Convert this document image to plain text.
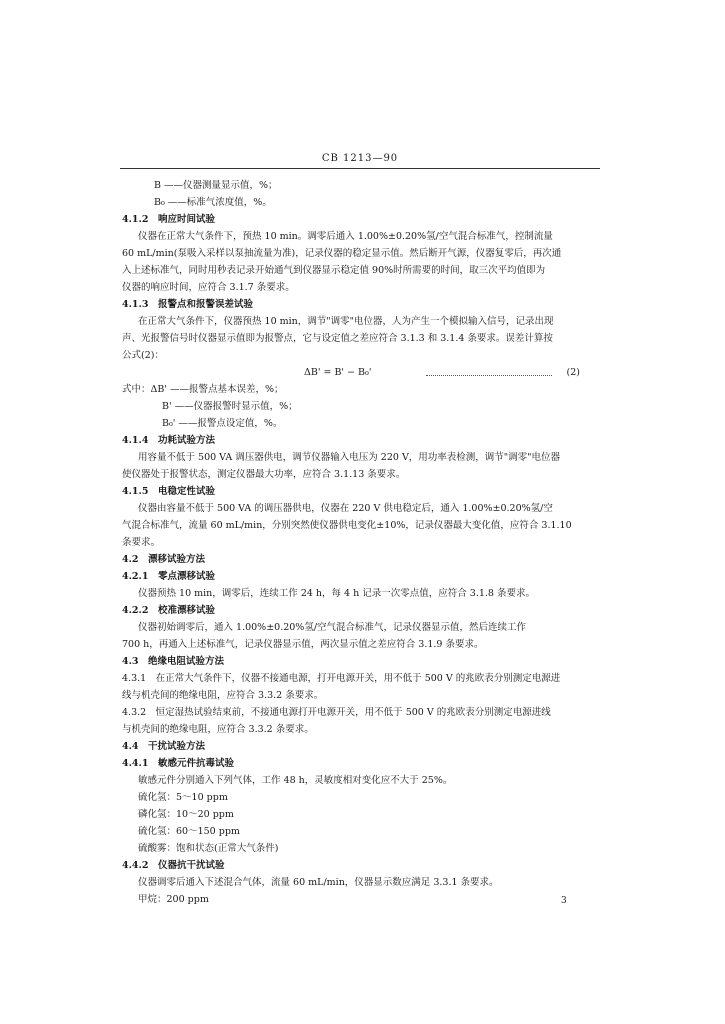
CB 1213—90
B ——仪器测量显示值，%；
B₀ ——标准气浓度值，%。
4.1.2　响应时间试验
仪器在正常大气条件下，预热 10 min。调零后通入 1.00%±0.20%氢/空气混合标准气，控制流量
60 mL/min(泵吸入采样以泵抽流量为准)，记录仪器的稳定显示值。然后断开气源，仪器复零后，再次通
入上述标准气，同时用秒表记录开始通气到仪器显示稳定值 90%时所需要的时间，取三次平均值即为
仪器的响应时间，应符合 3.1.7 条要求。
4.1.3　报警点和报警误差试验
在正常大气条件下，仪器预热 10 min，调节"调零"电位器，人为产生一个模拟输入信号，记录出现
声、光报警信号时仪器显示值即为报警点，它与设定值之差应符合 3.1.3 和 3.1.4 条要求。误差计算按
公式(2)：
ΔB' = B' − B₀'	(2)
式中：ΔB' ——报警点基本误差，%；
B' ——仪器报警时显示值，%；
B₀' ——报警点设定值，%。
4.1.4　功耗试验方法
用容量不低于 500 VA 调压器供电，调节仪器输入电压为 220 V，用功率表检测，调节"调零"电位器
使仪器处于报警状态，测定仪器最大功率，应符合 3.1.13 条要求。
4.1.5　电稳定性试验
仪器由容量不低于 500 VA 的调压器供电，仪器在 220 V 供电稳定后，通入 1.00%±0.20%氢/空
气混合标准气，流量 60 mL/min，分别突然使仪器供电变化±10%，记录仪器最大变化值，应符合 3.1.10
条要求。
4.2　漂移试验方法
4.2.1　零点漂移试验
仪器预热 10 min，调零后，连续工作 24 h，每 4 h 记录一次零点值，应符合 3.1.8 条要求。
4.2.2　校准漂移试验
仪器初始调零后，通入 1.00%±0.20%氢/空气混合标准气，记录仪器显示值，然后连续工作
700 h，再通入上述标准气，记录仪器显示值，两次显示值之差应符合 3.1.9 条要求。
4.3　绝缘电阻试验方法
4.3.1　在正常大气条件下，仪器不接通电源，打开电源开关，用不低于 500 V 的兆欧表分别测定电源进
线与机壳间的绝缘电阻，应符合 3.3.2 条要求。
4.3.2　恒定湿热试验结束前，不接通电源打开电源开关，用不低于 500 V 的兆欧表分别测定电源进线
与机壳间的绝缘电阻，应符合 3.3.2 条要求。
4.4　干扰试验方法
4.4.1　敏感元件抗毒试验
敏感元件分别通入下列气体，工作 48 h，灵敏度相对变化应不大于 25%。
硫化氢：5～10 ppm
磷化氢：10～20 ppm
硫化氢：60～150 ppm
硫酸雾：饱和状态(正常大气条件)
4.4.2　仪器抗干扰试验
仪器调零后通入下述混合气体，流量 60 mL/min，仪器显示数应满足 3.3.1 条要求。
甲烷：200 ppm	3
